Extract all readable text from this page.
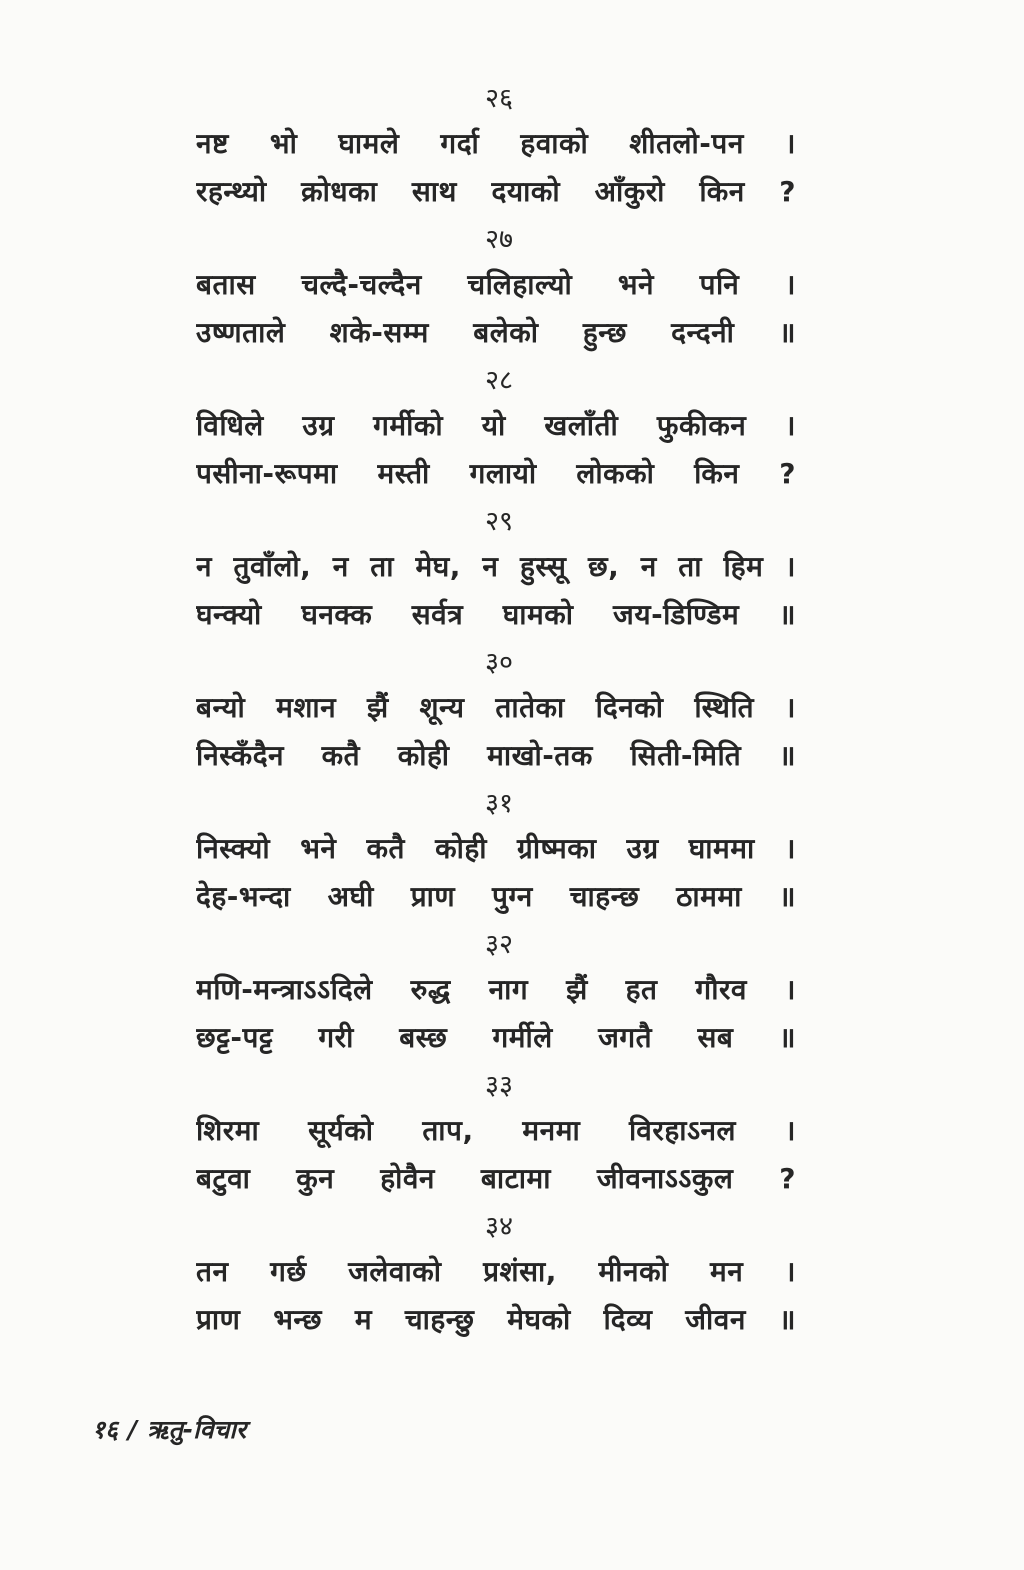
२६
नष्ट भो घामले गर्दा हवाको शीतलो-पन ।
रहन्थ्यो क्रोधका साथ दयाको आँकुरो किन ?
२७
बतास चल्दै-चल्दैन चलिहाल्यो भने पनि ।
उष्णताले शके-सम्म बलेको हुन्छ दन्दनी ॥
२८
विधिले उग्र गर्मीको यो खलाँती फुकीकन ।
पसीना-रूपमा मस्ती गलायो लोकको किन ?
२९
न तुवाँलो, न ता मेघ, न हुस्सू छ, न ता हिम ।
घन्क्यो घनक्क सर्वत्र घामको जय-डिण्डिम ॥
३०
बन्यो मशान झैं शून्य तातेका दिनको स्थिति ।
निस्कँदैन कतै कोही माखो-तक सिती-मिति ॥
३१
निस्क्यो भने कतै कोही ग्रीष्मका उग्र घाममा ।
देह-भन्दा अघी प्राण पुग्न चाहन्छ ठाममा ॥
३२
मणि-मन्त्राऽऽदिले रुद्ध नाग झैं हत गौरव ।
छट्ट-पट्ट गरी बस्छ गर्मीले जगतै सब ॥
३३
शिरमा सूर्यको ताप, मनमा विरहाऽनल ।
बटुवा कुन होवैन बाटामा जीवनाऽऽकुल ?
३४
तन गर्छ जलेवाको प्रशंसा, मीनको मन ।
प्राण भन्छ म चाहन्छु मेघको दिव्य जीवन ॥
१६ / ऋतु-विचार
